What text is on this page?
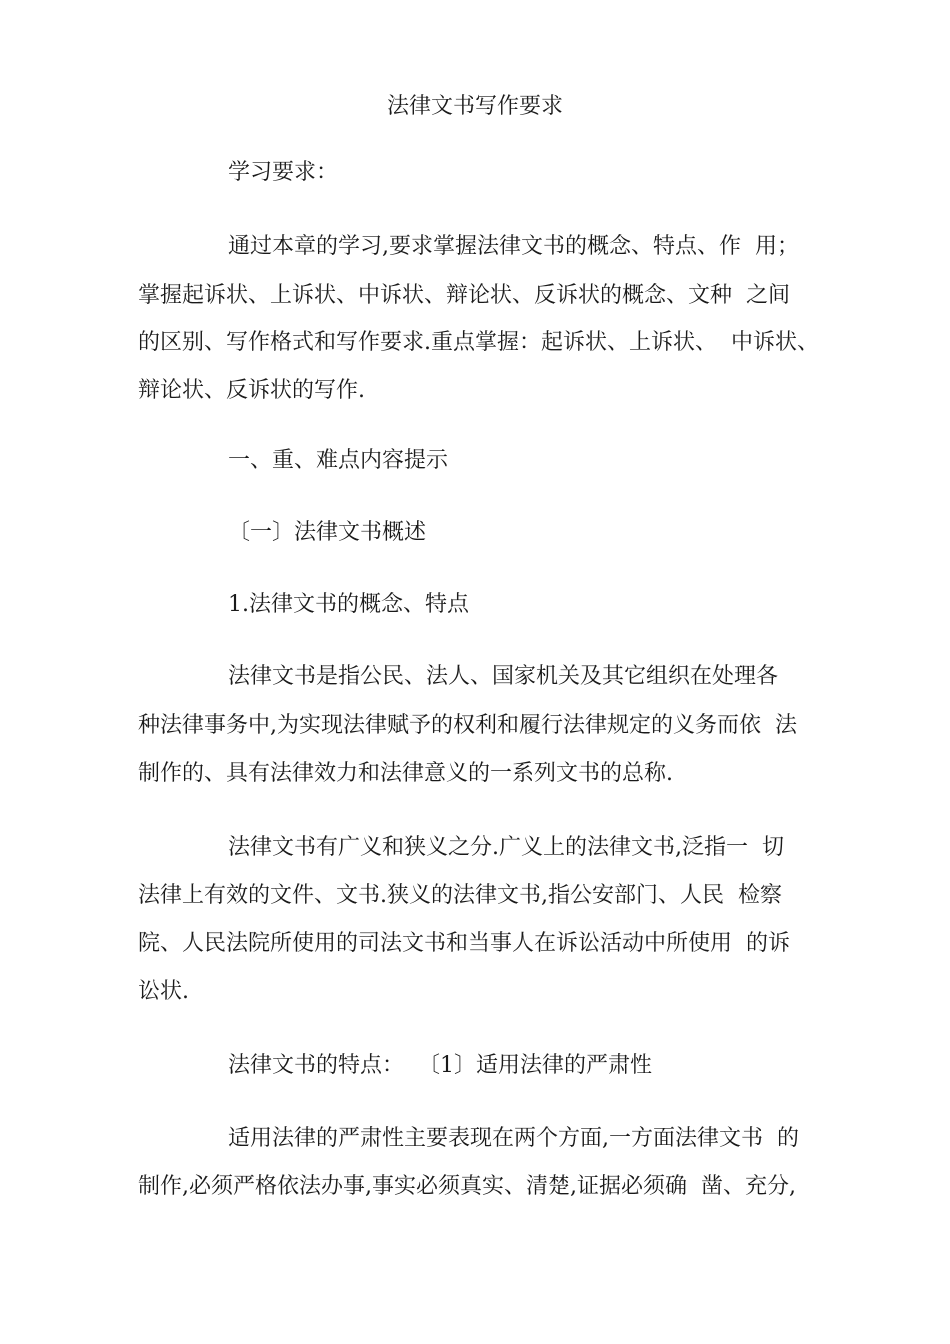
法律文书写作要求
学习要求：
通过本章的学习,要求掌握法律文书的概念、特点、作  用；
掌握起诉状、上诉状、中诉状、辩论状、反诉状的概念、文种  之间
的区别、写作格式和写作要求.重点掌握：起诉状、上诉状、  中诉状、
辩论状、反诉状的写作.
一、重、难点内容提示
〔一〕法律文书概述
1.法律文书的概念、特点
法律文书是指公民、法人、国家机关及其它组织在处理各
种法律事务中,为实现法律赋予的权利和履行法律规定的义务而依  法
制作的、具有法律效力和法律意义的一系列文书的总称.
法律文书有广义和狭义之分.广义上的法律文书,泛指一  切
法律上有效的文件、文书.狭义的法律文书,指公安部门、人民  检察
院、人民法院所使用的司法文书和当事人在诉讼活动中所使用  的诉
讼状.
法律文书的特点：  〔1〕适用法律的严肃性
适用法律的严肃性主要表现在两个方面,一方面法律文书  的
制作,必须严格依法办事,事实必须真实、清楚,证据必须确  凿、充分,
